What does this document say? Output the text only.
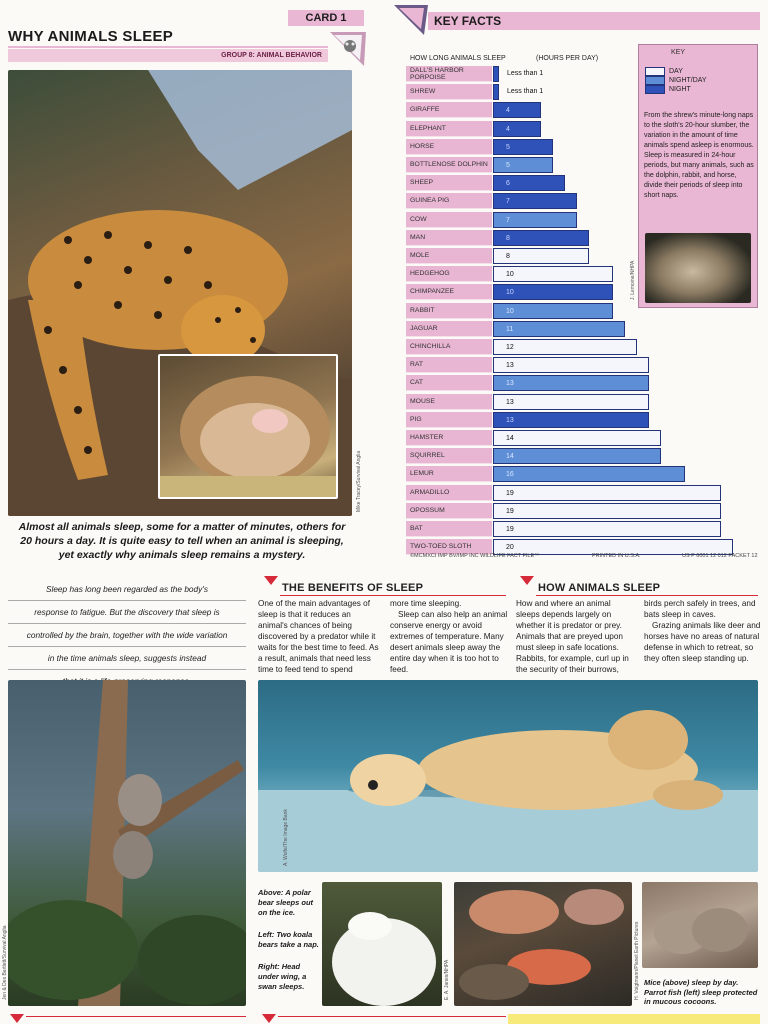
CARD 1
WHY ANIMALS SLEEP
GROUP 8: ANIMAL BEHAVIOR
Mike Tracey/Survival Anglia
Almost all animals sleep, some for a matter of minutes, others for 20 hours a day. It is quite easy to tell when an animal is sleeping, yet exactly why animals sleep remains a mystery.
KEY FACTS
HOW LONG ANIMALS SLEEP	(HOURS PER DAY)
DALL'S HARBOR PORPOISE	Less than 1
SHREW	Less than 1
GIRAFFE	4
ELEPHANT	4
HORSE	5
BOTTLENOSE DOLPHIN	5
SHEEP	6
GUINEA PIG	7
COW	7
MAN	8
MOLE	8
HEDGEHOG	10
CHIMPANZEE	10
RABBIT	10
JAGUAR	11
CHINCHILLA	12
RAT	13
CAT	13
MOUSE	13
PIG	13
HAMSTER	14
SQUIRREL	14
LEMUR	16
ARMADILLO	19
OPOSSUM	19
BAT	19
TWO-TOED SLOTH	20
KEY
DAY
NIGHT/DAY
NIGHT
From the shrew's minute-long naps to the sloth's 20-hour slumber, the variation in the amount of time animals spend asleep is enormous. Sleep is measured in 24-hour periods, but many animals, such as the dolphin, rabbit, and horse, divide their periods of sleep into short naps.
J. Lemoine/NHPA
©MCMXCI IMP BV/IMP INC WILDLIFE FACT FILE™	PRINTED IN U.S.A.	US P 6001 12 012 PACKET 12
Sleep has long been regarded as the body's
response to fatigue. But the discovery that sleep is
controlled by the brain, together with the wide variation
in the time animals sleep, suggests instead
THE BENEFITS OF SLEEP
One of the main advantages of sleep is that it reduces an animal's chances of being discovered by a predator while it waits for the best time to feed. As a result, animals that need less time to feed tend to spend

more time sleeping.

Sleep can also help an animal conserve energy or avoid extremes of temperature. Many desert animals sleep away the entire day when it is too hot to feed.

HOW ANIMALS SLEEP
How and where an animal sleeps depends largely on whether it is predator or prey. Animals that are preyed upon must sleep in safe locations. Rabbits, for example, curl up in the security of their burrows,

birds perch safely in trees, and bats sleep in caves.

Grazing animals like deer and horses have no areas of natural defense in which to retreat, so they often sleep standing up.

Jen & Des Bartlett/Survival Anglia
A. Wolfe/The Image Bank
Above: A polar bear sleeps out on the ice.
Left: Two koala bears take a nap.
Right: Head under wing, a swan sleeps.	E. A. Janes/NHPA	H. Voigtmann/Planet Earth Pictures Mice (above) sleep by day. Parrot fish (left) sleep protected in mucous cocoons.
